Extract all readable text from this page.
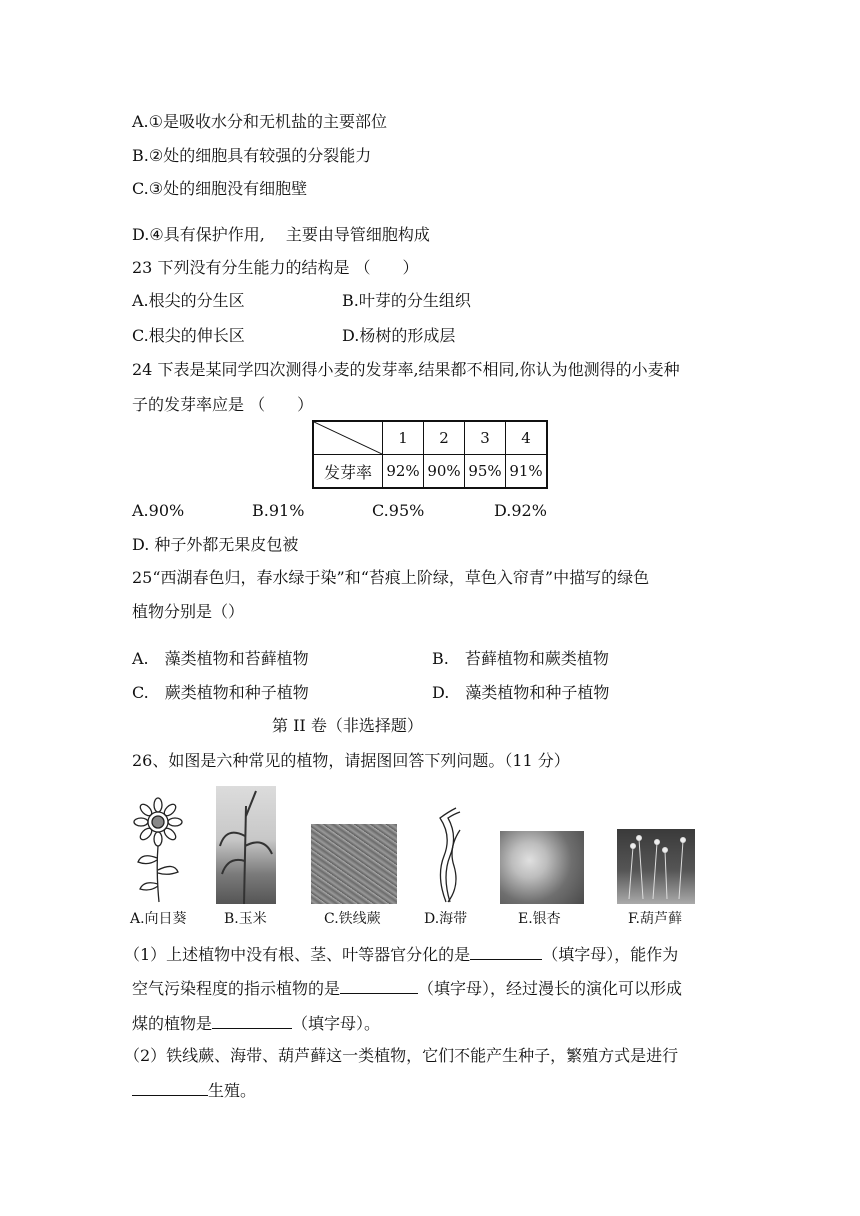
A.①是吸收水分和无机盐的主要部位
B.②处的细胞具有较强的分裂能力
C.③处的细胞没有细胞壁
D.④具有保护作用,　 主要由导管细胞构成
23 下列没有分生能力的结构是 （　　）
A.根尖的分生区	B.叶芽的分生组织
C.根尖的伸长区	D.杨树的形成层
24 下表是某同学四次测得小麦的发芽率,结果都不相同,你认为他测得的小麦种
子的发芽率应是 （　　）
	1	2	3	4
发芽率	92%	90%	95%	91%
A.90%	B.91%	C.95%	D.92%
D. 种子外都无果皮包被
25“西湖春色归，春水绿于染”和“苔痕上阶绿，草色入帘青”中描写的绿色
植物分别是（）
A.　藻类植物和苔藓植物	B.　苔藓植物和蕨类植物
C.　蕨类植物和种子植物	D.　藻类植物和种子植物
第 II 卷（非选择题）
26、如图是六种常见的植物，请据图回答下列问题。（11 分）
A.向日葵	B.玉米	C.铁线蕨	D.海带	E.银杏	F.葫芦藓
（1）上述植物中没有根、茎、叶等器官分化的是	（填字母），能作为
空气污染程度的指示植物的是	（填字母），经过漫长的演化可以形成
煤的植物是	（填字母）。
（2）铁线蕨、海带、葫芦藓这一类植物，它们不能产生种子，繁殖方式是进行
生殖。
